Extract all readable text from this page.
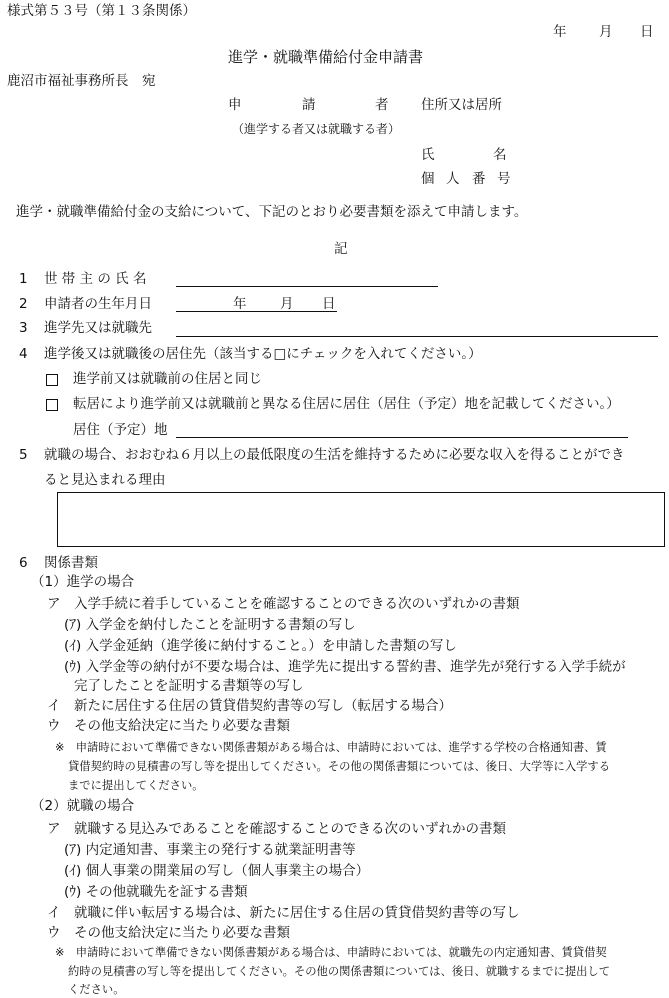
様式第５３号（第１３条関係）
年 月 日
進学・就職準備給付金申請書
鹿沼市福祉事務所長　宛
申	請	者 住所又は居所
（進学する者又は就職する者）
氏	名
個 人 番 号
進学・就職準備給付金の支給について、下記のとおり必要書類を添えて申請します。
記
1 世 帯 主 の 氏 名
2 申請者の生年月日	年 月 日
3 進学先又は就職先
4 進学後又は就職後の居住先（該当する□にチェックを入れてください。）
進学前又は就職前の住居と同じ
転居により進学前又は就職前と異なる住居に居住（居住（予定）地を記載してください。）
居住（予定）地
5 就職の場合、おおむね６月以上の最低限度の生活を維持するために必要な収入を得ることができ
ると見込まれる理由
6 関係書類
（1）進学の場合
ア　入学手続に着手していることを確認することのできる次のいずれかの書類
(ｱ) 入学金を納付したことを証明する書類の写し
(ｲ) 入学金延納（進学後に納付すること。）を申請した書類の写し
(ｳ) 入学金等の納付が不要な場合は、進学先に提出する誓約書、進学先が発行する入学手続が
完了したことを証明する書類等の写し
イ　新たに居住する住居の賃貸借契約書等の写し（転居する場合）
ウ　その他支給決定に当たり必要な書類
※　申請時において準備できない関係書類がある場合は、申請時においては、進学する学校の合格通知書、賃
貸借契約時の見積書の写し等を提出してください。その他の関係書類については、後日、大学等に入学する
までに提出してください。
（2）就職の場合
ア　就職する見込みであることを確認することのできる次のいずれかの書類
(ｱ) 内定通知書、事業主の発行する就業証明書等
(ｲ) 個人事業の開業届の写し（個人事業主の場合）
(ｳ) その他就職先を証する書類
イ　就職に伴い転居する場合は、新たに居住する住居の賃貸借契約書等の写し
ウ　その他支給決定に当たり必要な書類
※　申請時において準備できない関係書類がある場合は、申請時においては、就職先の内定通知書、賃貸借契
約時の見積書の写し等を提出してください。その他の関係書類については、後日、就職するまでに提出して
ください。
